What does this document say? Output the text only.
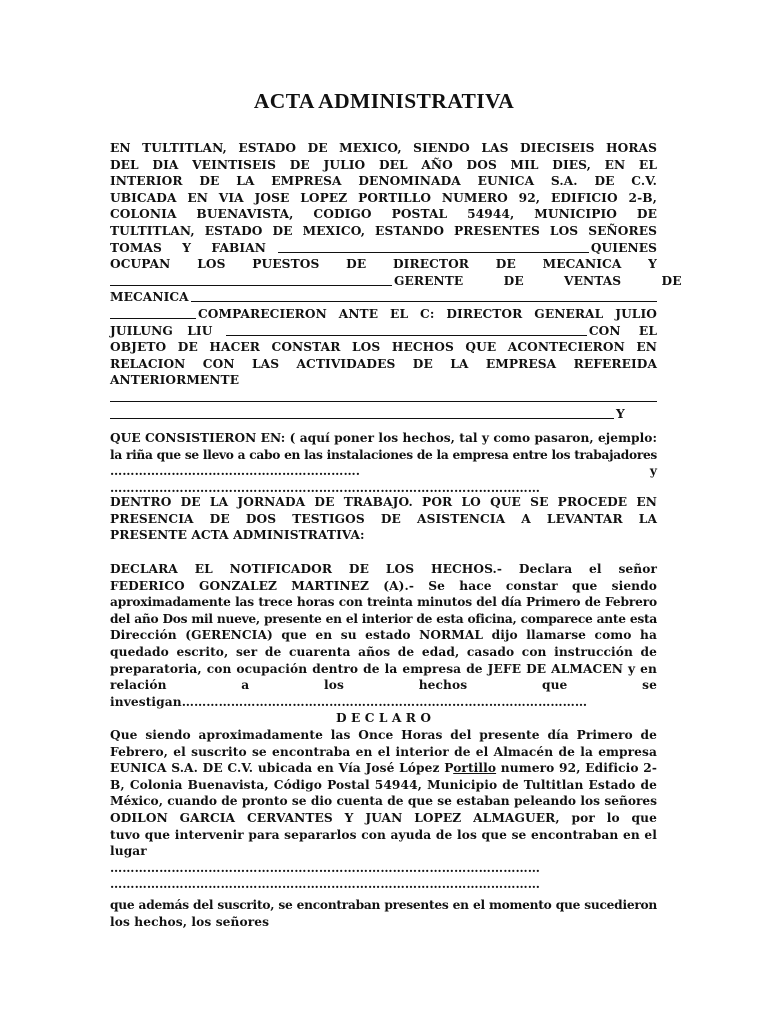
ACTA ADMINISTRATIVA
EN TULTITLAN, ESTADO DE MEXICO, SIENDO LAS DIECISEIS HORAS
DEL DIA VEINTISEIS DE JULIO DEL AÑO DOS MIL DIES, EN EL
INTERIOR DE LA EMPRESA DENOMINADA EUNICA S.A. DE C.V.
UBICADA EN VIA JOSE LOPEZ PORTILLO NUMERO 92, EDIFICIO 2-B,
COLONIA BUENAVISTA, CODIGO POSTAL 54944, MUNICIPIO DE
TULTITLAN, ESTADO DE MEXICO, ESTANDO PRESENTES LOS SEÑORES
TOMAS Y FABIAN	QUIENES
OCUPAN LOS PUESTOS DE DIRECTOR DE MECANICA Y
GERENTE DE VENTAS DE
MECANICA
COMPARECIERON ANTE EL C: DIRECTOR GENERAL JULIO
JUILUNG LIU	CON EL
OBJETO DE HACER CONSTAR LOS HECHOS QUE ACONTECIERON EN
RELACION CON LAS ACTIVIDADES DE LA EMPRESA REFEREIDA
ANTERIORMENTE
Y
QUE CONSISTIERON EN: ( aquí poner los hechos, tal y como pasaron, ejemplo:
la riña que se llevo a cabo en las instalaciones de la empresa entre los trabajadores
…………………………………………………….	y
……………………………………………………………………………………………
DENTRO DE LA JORNADA DE TRABAJO. POR LO QUE SE PROCEDE EN
PRESENCIA DE DOS TESTIGOS DE ASISTENCIA A LEVANTAR LA
PRESENTE ACTA ADMINISTRATIVA:
DECLARA EL NOTIFICADOR DE LOS HECHOS.- Declara el señor
FEDERICO GONZALEZ MARTINEZ (A).- Se hace constar que siendo
aproximadamente las trece horas con treinta minutos del día Primero de Febrero
del año Dos mil nueve, presente en el interior de esta oficina, comparece ante esta
Dirección (GERENCIA) que en su estado NORMAL dijo llamarse como ha
quedado escrito, ser de cuarenta años de edad, casado con instrucción de
preparatoria, con ocupación dentro de la empresa de JEFE DE ALMACEN y en
relación	a	los	hechos	que	se
investigan………………………………………………………………………………………
D E C L A R O
Que siendo aproximadamente las Once Horas del presente día Primero de
Febrero, el suscrito se encontraba en el interior de el Almacén de la empresa
EUNICA S.A. DE C.V. ubicada en Vía José López Portillo numero 92, Edificio 2-
B, Colonia Buenavista, Código Postal 54944, Municipio de Tultitlan Estado de
México, cuando de pronto se dio cuenta de que se estaban peleando los señores
ODILON GARCIA CERVANTES Y JUAN LOPEZ ALMAGUER, por lo que
tuvo que intervenir para separarlos con ayuda de los que se encontraban en el
lugar
……………………………………………………………………………………………
……………………………………………………………………………………………
que además del suscrito, se encontraban presentes en el momento que sucedieron
los hechos, los señores
